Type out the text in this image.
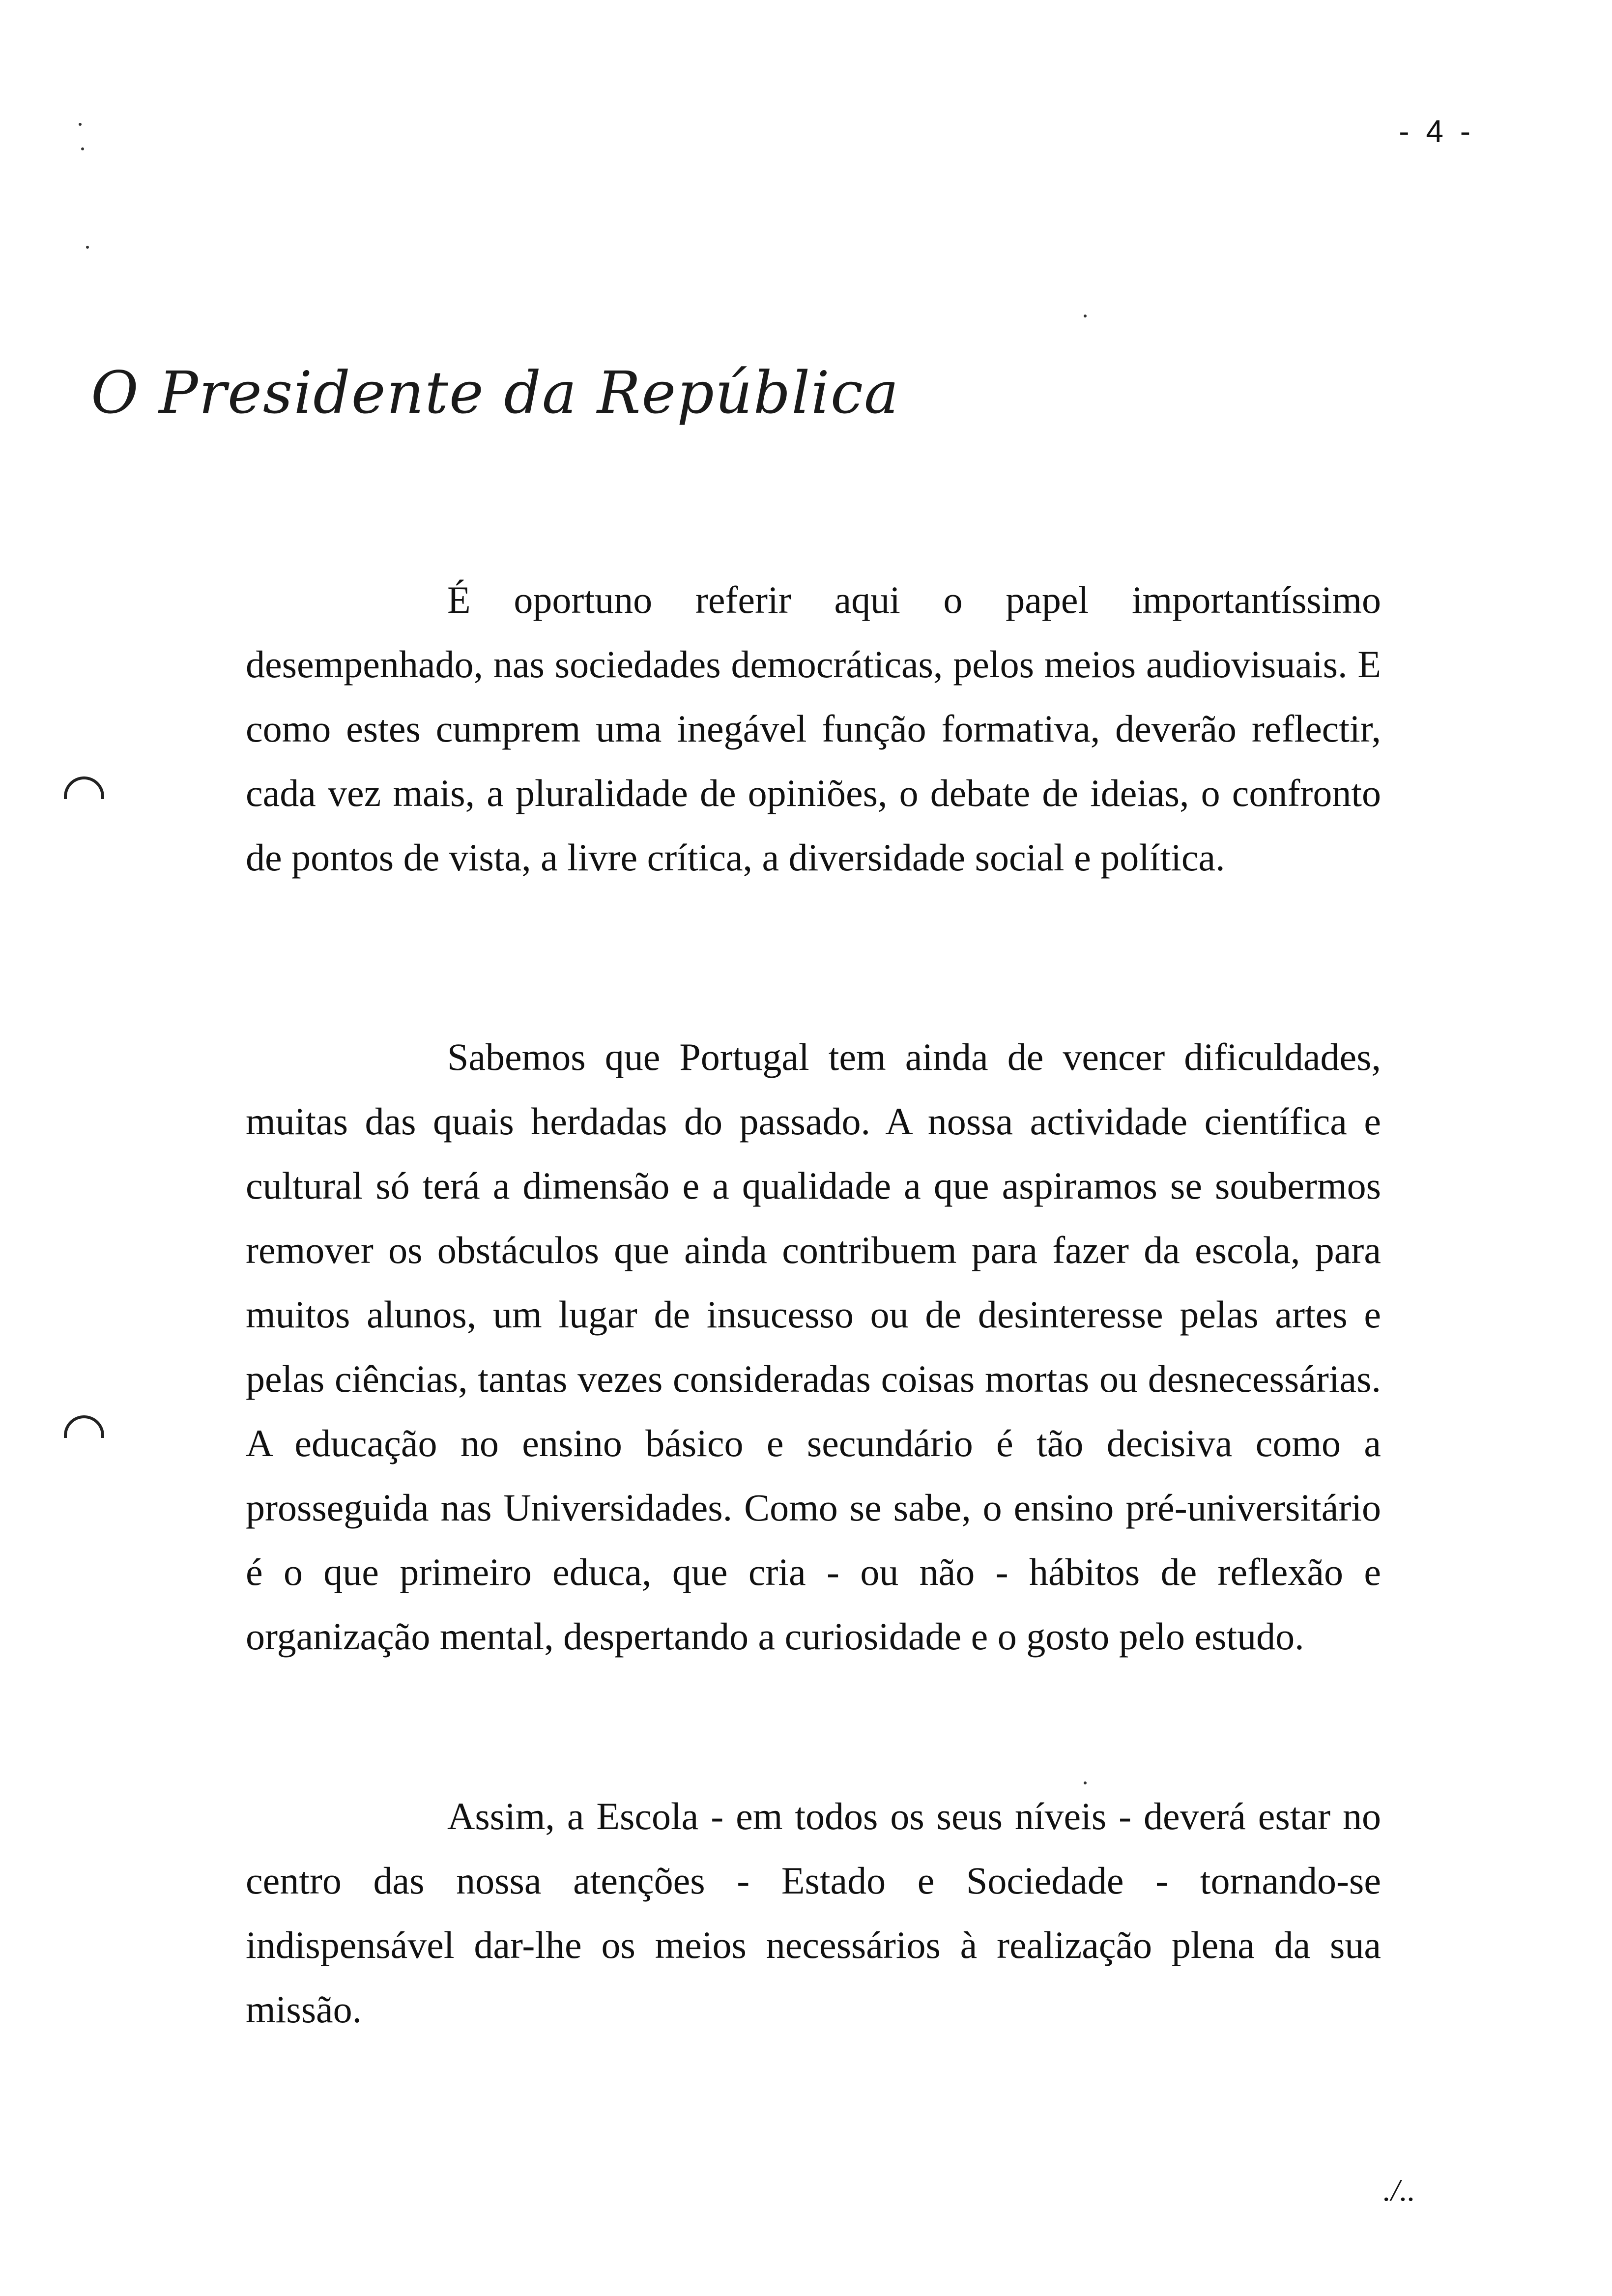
- 4 -
O Presidente da República

É oportuno referir aqui o papel importantíssimo desempenhado, nas sociedades democráticas, pelos meios audiovisuais. E como estes cumprem uma inegável função formativa, deverão reflectir, cada vez mais, a pluralidade de opiniões, o debate de ideias, o confronto de pontos de vista, a livre crítica, a diversidade social e política.

Sabemos que Portugal tem ainda de vencer dificuldades, muitas das quais herdadas do passado. A nossa actividade científica e cultural só terá a dimensão e a qualidade a que aspiramos se soubermos remover os obstáculos que ainda contribuem para fazer da escola, para muitos alunos, um lugar de insucesso ou de desinteresse pelas artes e pelas ciências, tantas vezes consideradas coisas mortas ou desnecessárias. A educação no ensino básico e secundário é tão decisiva como a prosseguida nas Universidades. Como se sabe, o ensino pré-universitário é o que primeiro educa, que cria - ou não - hábitos de reflexão e organização mental, despertando a curiosidade e o gosto pelo estudo.

Assim, a Escola - em todos os seus níveis - deverá estar no centro das nossa atenções - Estado e Sociedade - tornando-se indispensável dar-lhe os meios necessários à realização plena da sua missão.

./..
